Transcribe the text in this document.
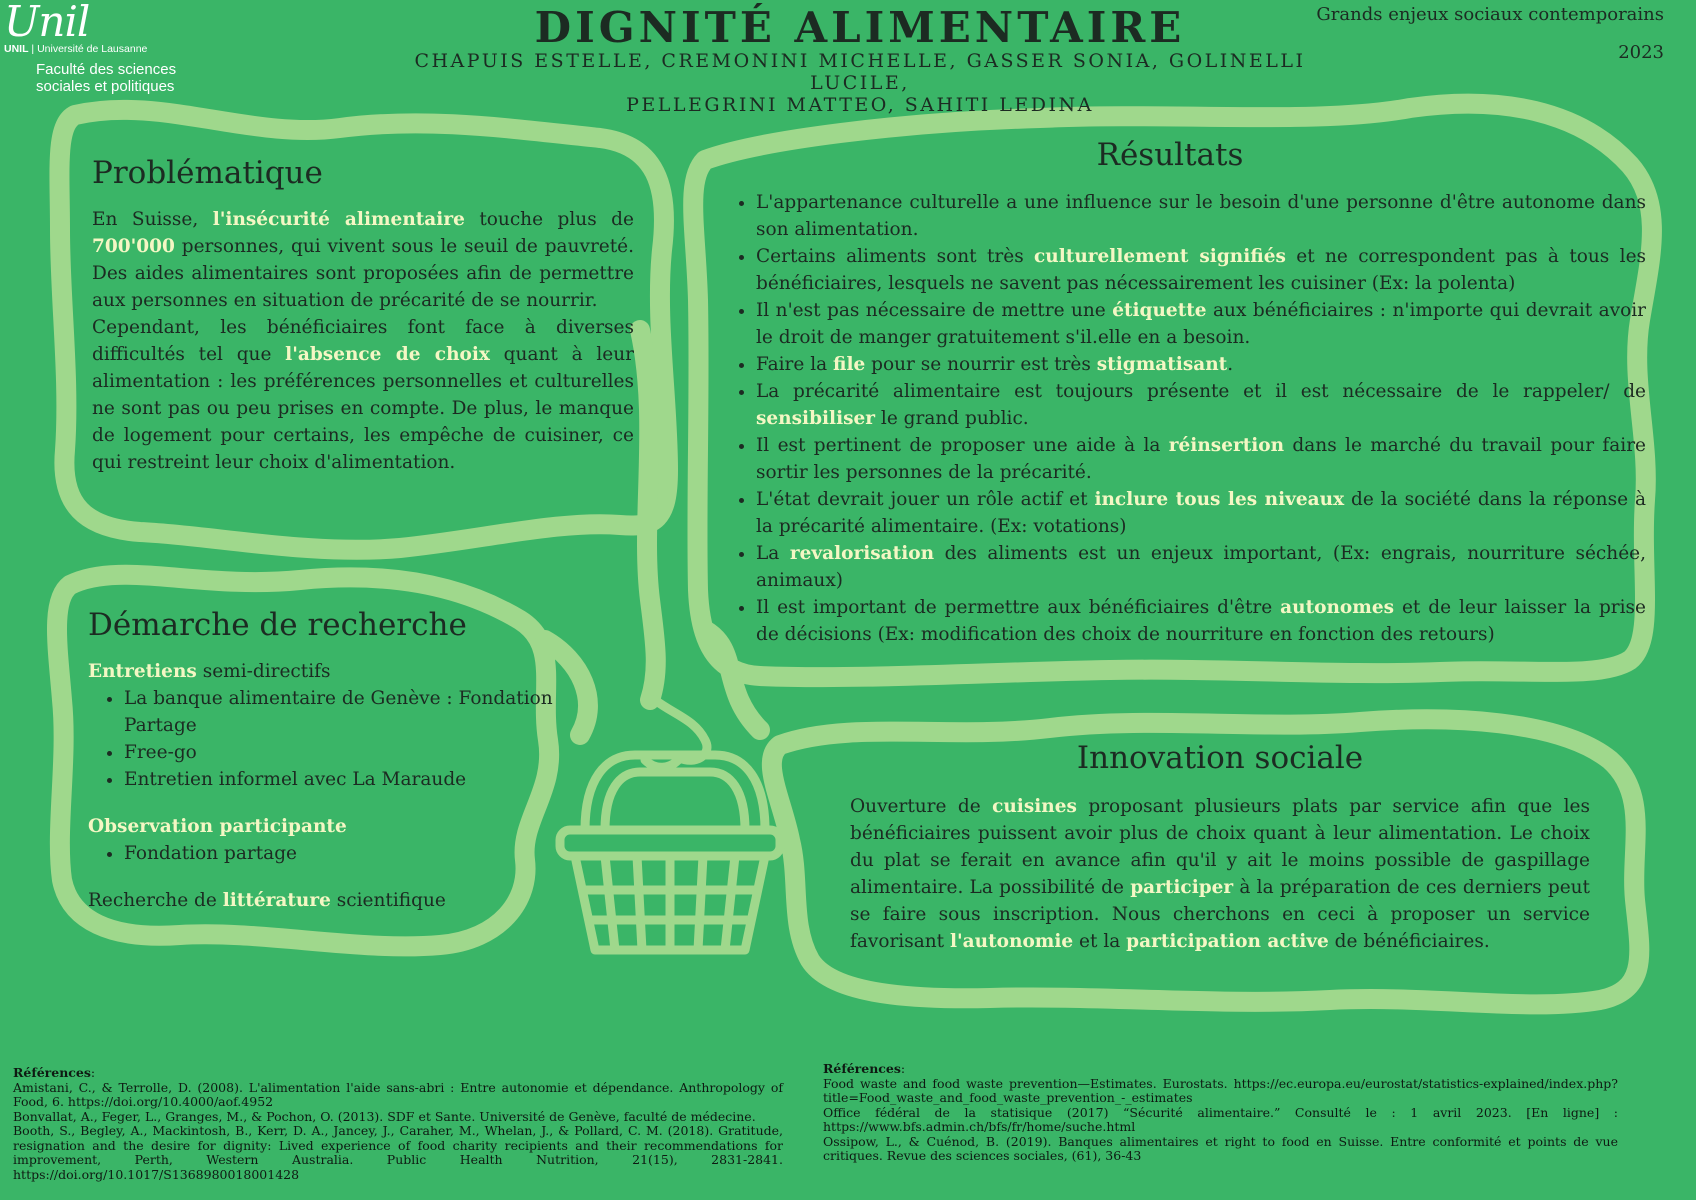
Unil
UNIL | Université de Lausanne
Faculté des sciences
sociales et politiques
DIGNITÉ ALIMENTAIRE
CHAPUIS ESTELLE, CREMONINI MICHELLE, GASSER SONIA, GOLINELLI LUCILE,
PELLEGRINI MATTEO, SAHITI LEDINA
Grands enjeux sociaux contemporains
2023
Problématique

En Suisse, l'insécurité alimentaire touche plus de 700'000 personnes, qui vivent sous le seuil de pauvreté. Des aides alimentaires sont proposées afin de permettre aux personnes en situation de précarité de se nourrir.

Cependant, les bénéficiaires font face à diverses difficultés tel que l'absence de choix quant à leur alimentation : les préférences personnelles et culturelles ne sont pas ou peu prises en compte. De plus, le manque de logement pour certains, les empêche de cuisiner, ce qui restreint leur choix d'alimentation.

Démarche de recherche
Entretiens semi-directifs
• La banque alimentaire de Genève : Fondation Partage
• Free-go
• Entretien informel avec La Maraude
Observation participante
• Fondation partage
Recherche de littérature scientifique
Résultats
• L'appartenance culturelle a une influence sur le besoin d'une personne d'être autonome dans son alimentation.
• Certains aliments sont très culturellement signifiés et ne correspondent pas à tous les bénéficiaires, lesquels ne savent pas nécessairement les cuisiner (Ex: la polenta)
• Il n'est pas nécessaire de mettre une étiquette aux bénéficiaires : n'importe qui devrait avoir le droit de manger gratuitement s'il.elle en a besoin.
• Faire la file pour se nourrir est très stigmatisant.
• La précarité alimentaire est toujours présente et il est nécessaire de le rappeler/ de sensibiliser le grand public.
• Il est pertinent de proposer une aide à la réinsertion dans le marché du travail pour faire sortir les personnes de la précarité.
• L'état devrait jouer un rôle actif et inclure tous les niveaux de la société dans la réponse à la précarité alimentaire. (Ex: votations)
• La revalorisation des aliments est un enjeux important, (Ex: engrais, nourriture séchée, animaux)
• Il est important de permettre aux bénéficiaires d'être autonomes et de leur laisser la prise de décisions (Ex: modification des choix de nourriture en fonction des retours)
Innovation sociale

Ouverture de cuisines proposant plusieurs plats par service afin que les bénéficiaires puissent avoir plus de choix quant à leur alimentation. Le choix du plat se ferait en avance afin qu'il y ait le moins possible de gaspillage alimentaire. La possibilité de participer à la préparation de ces derniers peut se faire sous inscription. Nous cherchons en ceci à proposer un service favorisant l'autonomie et la participation active de bénéficiaires.

Références:

Amistani, C., & Terrolle, D. (2008). L'alimentation l'aide sans-abri : Entre autonomie et dépendance. Anthropology of Food, 6. https://doi.org/10.4000/aof.4952

Bonvallat, A., Feger, L., Granges, M., & Pochon, O. (2013). SDF et Sante. Université de Genève, faculté de médecine.

Booth, S., Begley, A., Mackintosh, B., Kerr, D. A., Jancey, J., Caraher, M., Whelan, J., & Pollard, C. M. (2018). Gratitude, resignation and the desire for dignity: Lived experience of food charity recipients and their recommendations for improvement, Perth, Western Australia. Public Health Nutrition, 21(15), 2831-2841. https://doi.org/10.1017/S1368980018001428

Références:

Food waste and food waste prevention—Estimates. Eurostats. https://ec.europa.eu/eurostat/statistics-explained/index.php?title=Food_waste_and_food_waste_prevention_-_estimates

Office fédéral de la statisique (2017) “Sécurité alimentaire.” Consulté le : 1 avril 2023. [En ligne] : https://www.bfs.admin.ch/bfs/fr/home/suche.html

Ossipow, L., & Cuénod, B. (2019). Banques alimentaires et right to food en Suisse. Entre conformité et points de vue critiques. Revue des sciences sociales, (61), 36-43
